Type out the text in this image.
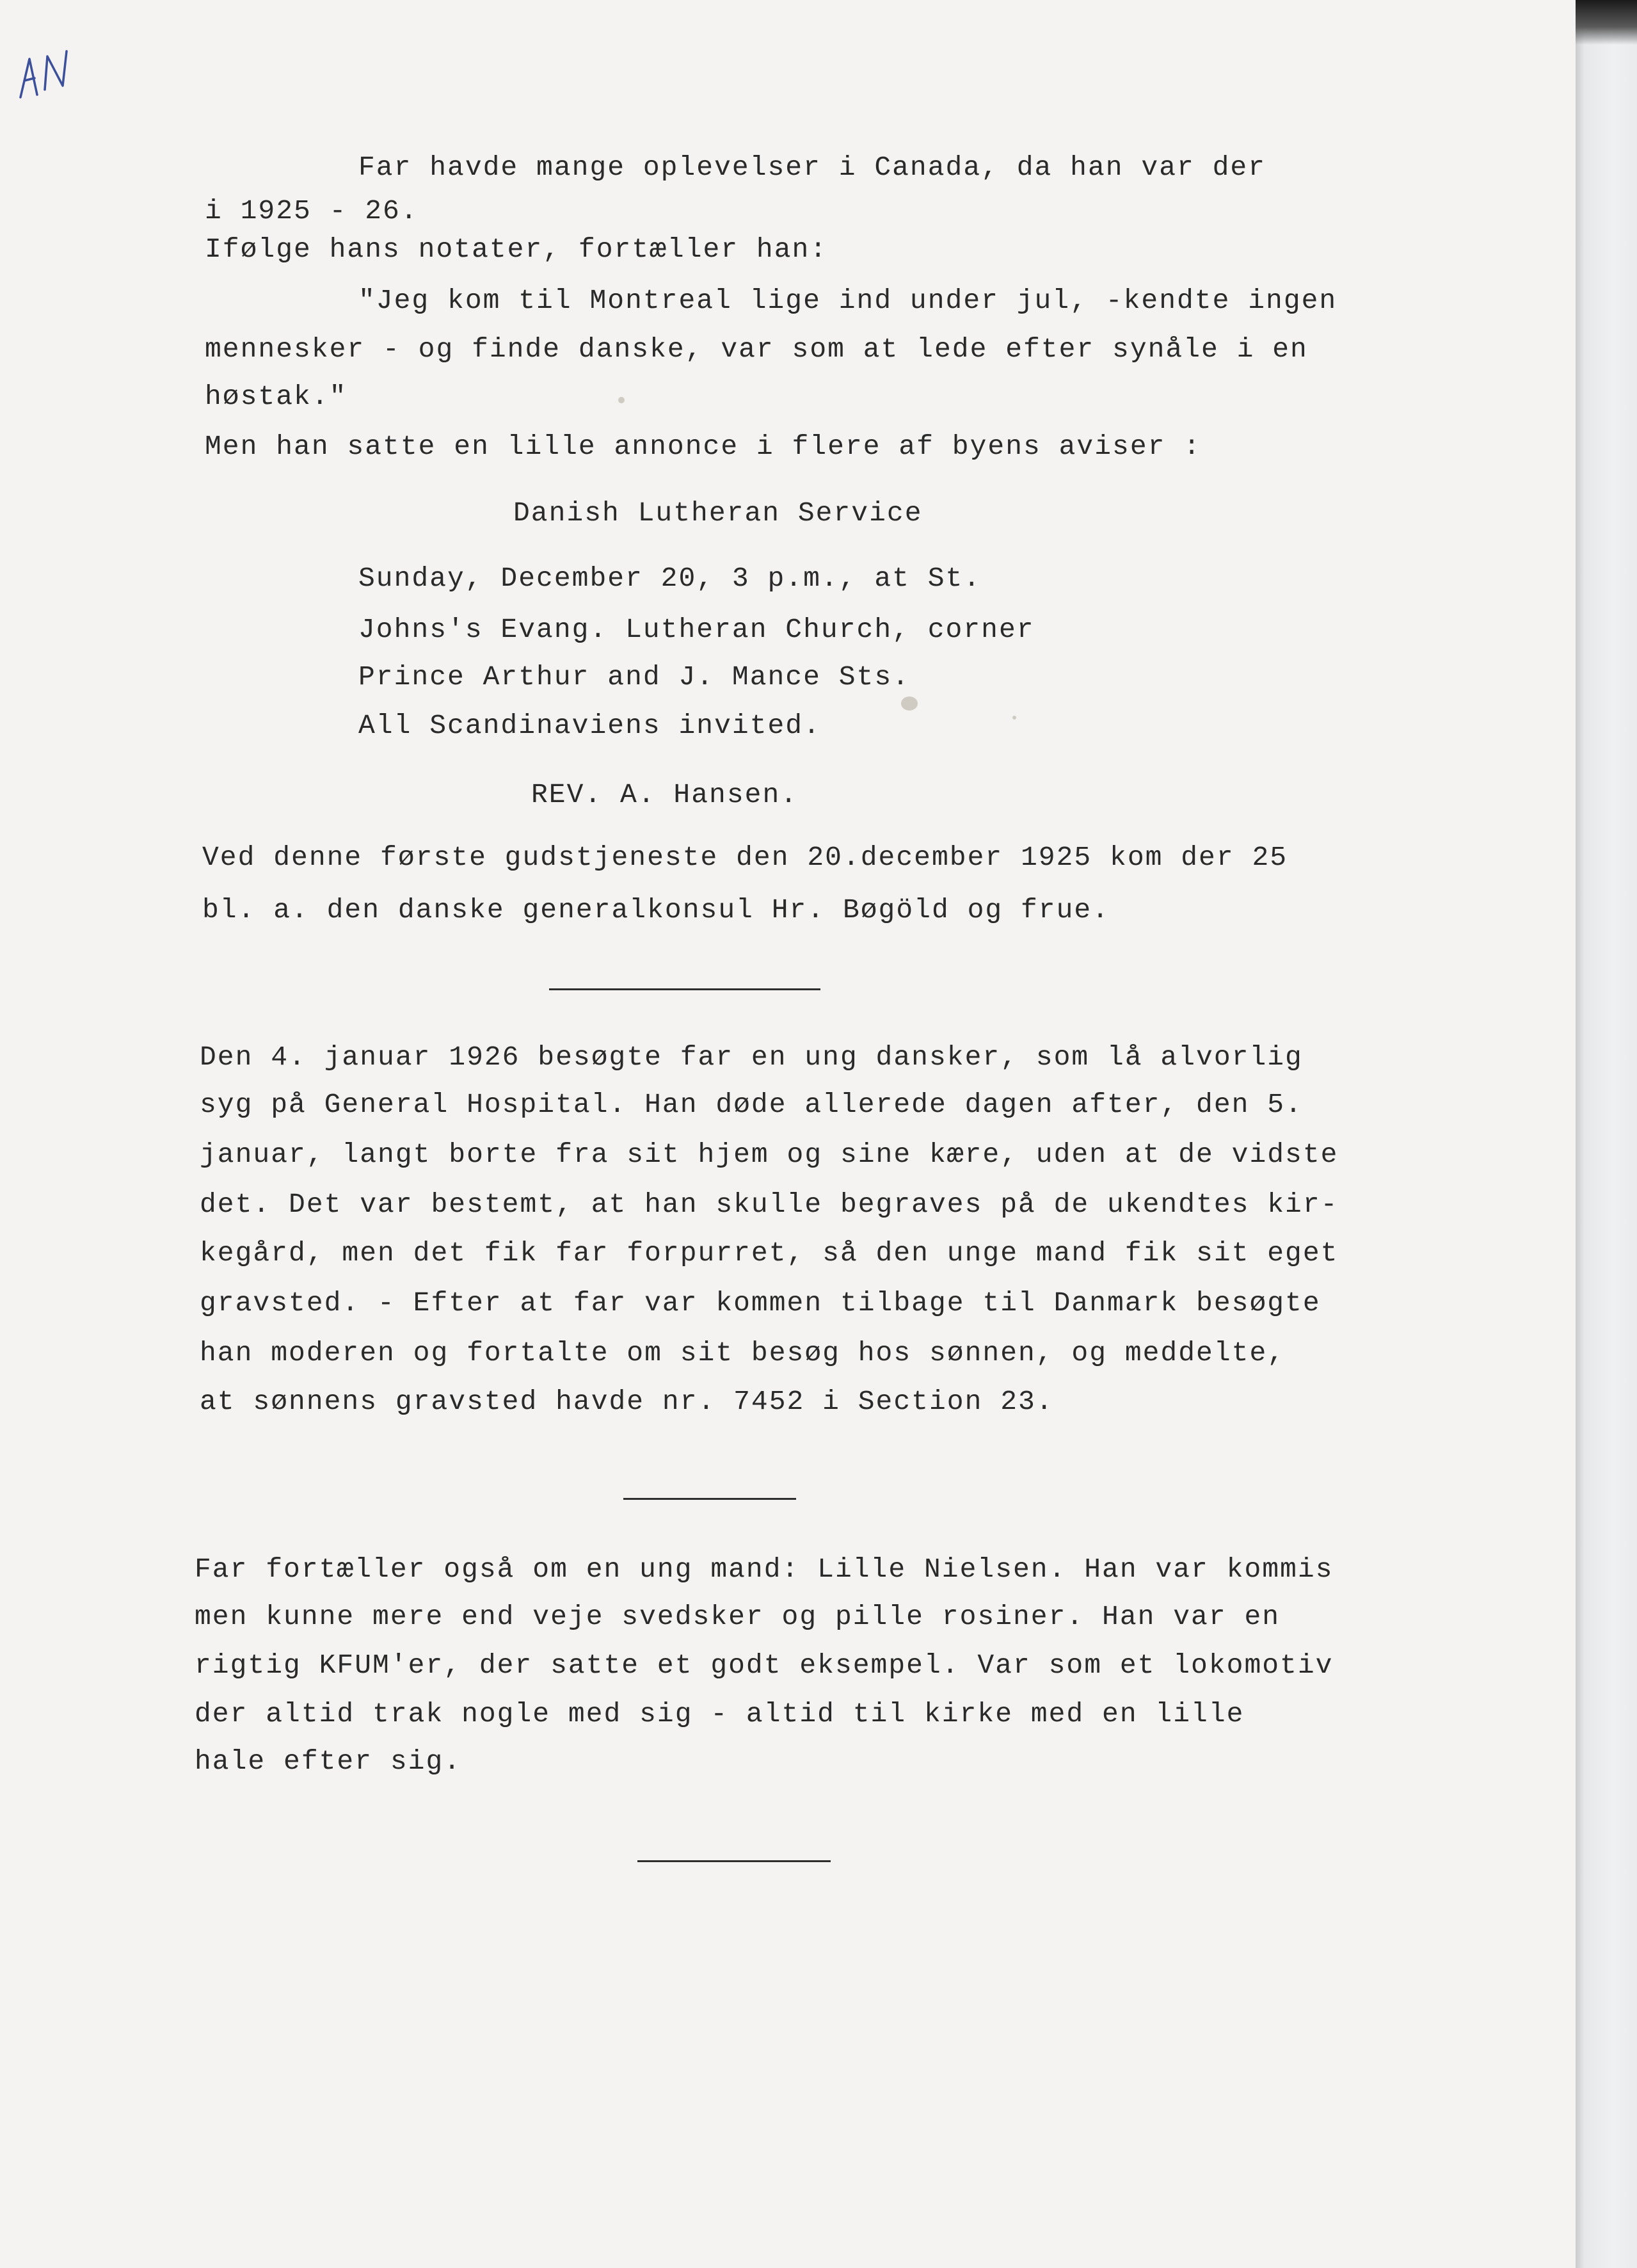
Far havde mange oplevelser i Canada, da han var der

i 1925 - 26.

Ifølge hans notater, fortæller han:

"Jeg kom til Montreal lige ind under jul, -kendte ingen

mennesker - og finde danske, var som at lede efter synåle i en

høstak."

Men han satte en lille annonce i flere af byens aviser :

Danish Lutheran Service

Sunday, December 20, 3 p.m., at St.

Johns's Evang. Lutheran Church, corner

Prince Arthur and J. Mance Sts.

All Scandinaviens invited.

REV. A. Hansen.

Ved denne første gudstjeneste den 20.december 1925 kom der 25

bl. a. den danske generalkonsul Hr. Bøgöld og frue.

Den 4. januar 1926 besøgte far en ung dansker, som lå alvorlig

syg på General Hospital. Han døde allerede dagen after, den 5.

januar, langt borte fra sit hjem og sine kære, uden at de vidste

det. Det var bestemt, at han skulle begraves på de ukendtes kir-

kegård, men det fik far forpurret, så den unge mand fik sit eget

gravsted. - Efter at far var kommen tilbage til Danmark besøgte

han moderen og fortalte om sit besøg hos sønnen, og meddelte,

at sønnens gravsted havde nr. 7452 i Section 23.

Far fortæller også om en ung mand: Lille Nielsen. Han var kommis

men kunne mere end veje svedsker og pille rosiner. Han var en

rigtig KFUM'er, der satte et godt eksempel. Var som et lokomotiv

der altid trak nogle med sig - altid til kirke med en lille

hale efter sig.
